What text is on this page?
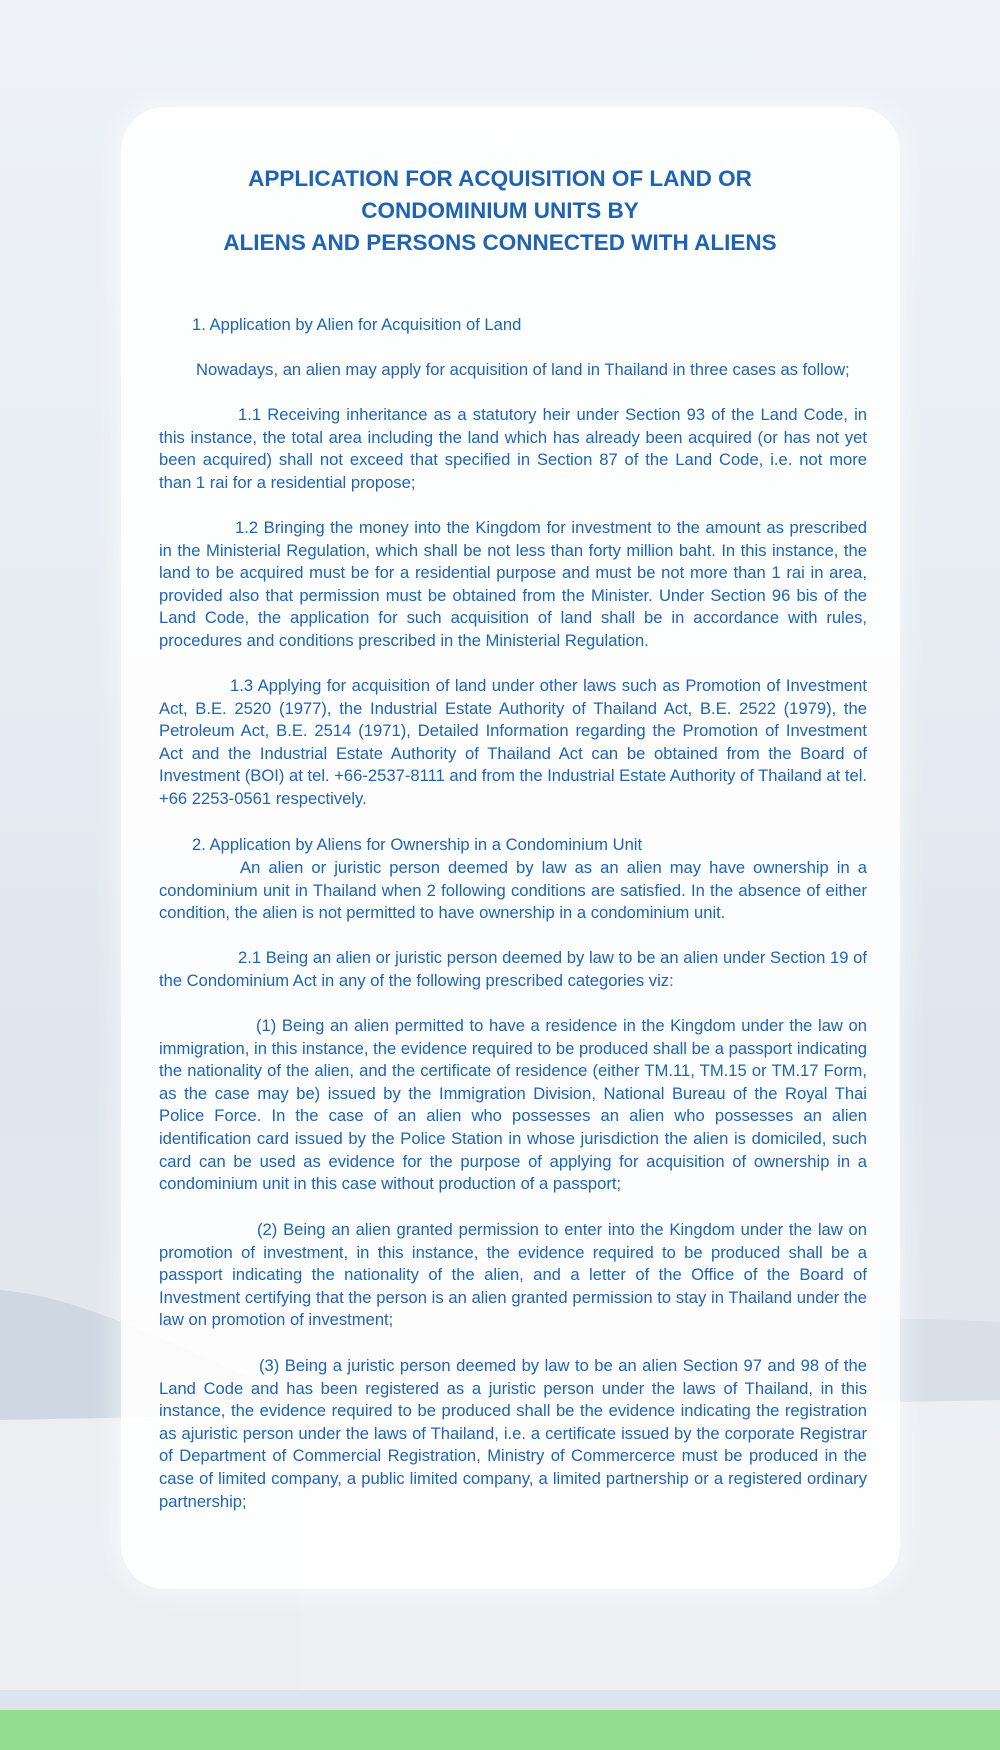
APPLICATION FOR ACQUISITION OF LAND OR
CONDOMINIUM UNITS BY
ALIENS AND PERSONS CONNECTED WITH ALIENS

1. Application by Alien for Acquisition of Land

Nowadays, an alien may apply for acquisition of land in Thailand in three cases as follow;

1.1 Receiving inheritance as a statutory heir under Section 93 of the Land Code, in this instance, the total area including the land which has already been acquired (or has not yet been acquired) shall not exceed that specified in Section 87 of the Land Code, i.e. not more than 1 rai for a residential propose;

1.2 Bringing the money into the Kingdom for investment to the amount as prescribed in the Ministerial Regulation, which shall be not less than forty million baht. In this instance, the land to be acquired must be for a residential purpose and must be not more than 1 rai in area, provided also that permission must be obtained from the Minister. Under Section 96 bis of the Land Code, the application for such acquisition of land shall be in accordance with rules, procedures and conditions prescribed in the Ministerial Regulation.

1.3 Applying for acquisition of land under other laws such as Promotion of Investment Act, B.E. 2520 (1977), the Industrial Estate Authority of Thailand Act, B.E. 2522 (1979), the Petroleum Act, B.E. 2514 (1971), Detailed Information regarding the Promotion of Investment Act and the Industrial Estate Authority of Thailand Act can be obtained from the Board of Investment (BOI) at tel. +66-2537-8111 and from the Industrial Estate Authority of Thailand at tel. +66 2253-0561 respectively.

2. Application by Aliens for Ownership in a Condominium Unit

An alien or juristic person deemed by law as an alien may have ownership in a condominium unit in Thailand when 2 following conditions are satisfied. In the absence of either condition, the alien is not permitted to have ownership in a condominium unit.

2.1 Being an alien or juristic person deemed by law to be an alien under Section 19 of the Condominium Act in any of the following prescribed categories viz:

(1) Being an alien permitted to have a residence in the Kingdom under the law on immigration, in this instance, the evidence required to be produced shall be a passport indicating the nationality of the alien, and the certificate of residence (either TM.11, TM.15 or TM.17 Form, as the case may be) issued by the Immigration Division, National Bureau of the Royal Thai Police Force. In the case of an alien who possesses an alien who possesses an alien identification card issued by the Police Station in whose jurisdiction the alien is domiciled, such card can be used as evidence for the purpose of applying for acquisition of ownership in a condominium unit in this case without production of a passport;

(2) Being an alien granted permission to enter into the Kingdom under the law on promotion of investment, in this instance, the evidence required to be produced shall be a passport indicating the nationality of the alien, and a letter of the Office of the Board of Investment certifying that the person is an alien granted permission to stay in Thailand under the law on promotion of investment;

(3) Being a juristic person deemed by law to be an alien Section 97 and 98 of the Land Code and has been registered as a juristic person under the laws of Thailand, in this instance, the evidence required to be produced shall be the evidence indicating the registration as ajuristic person under the laws of Thailand, i.e. a certificate issued by the corporate Registrar of Department of Commercial Registration, Ministry of Commercerce must be produced in the case of limited company, a public limited company, a limited partnership or a registered ordinary partnership;
